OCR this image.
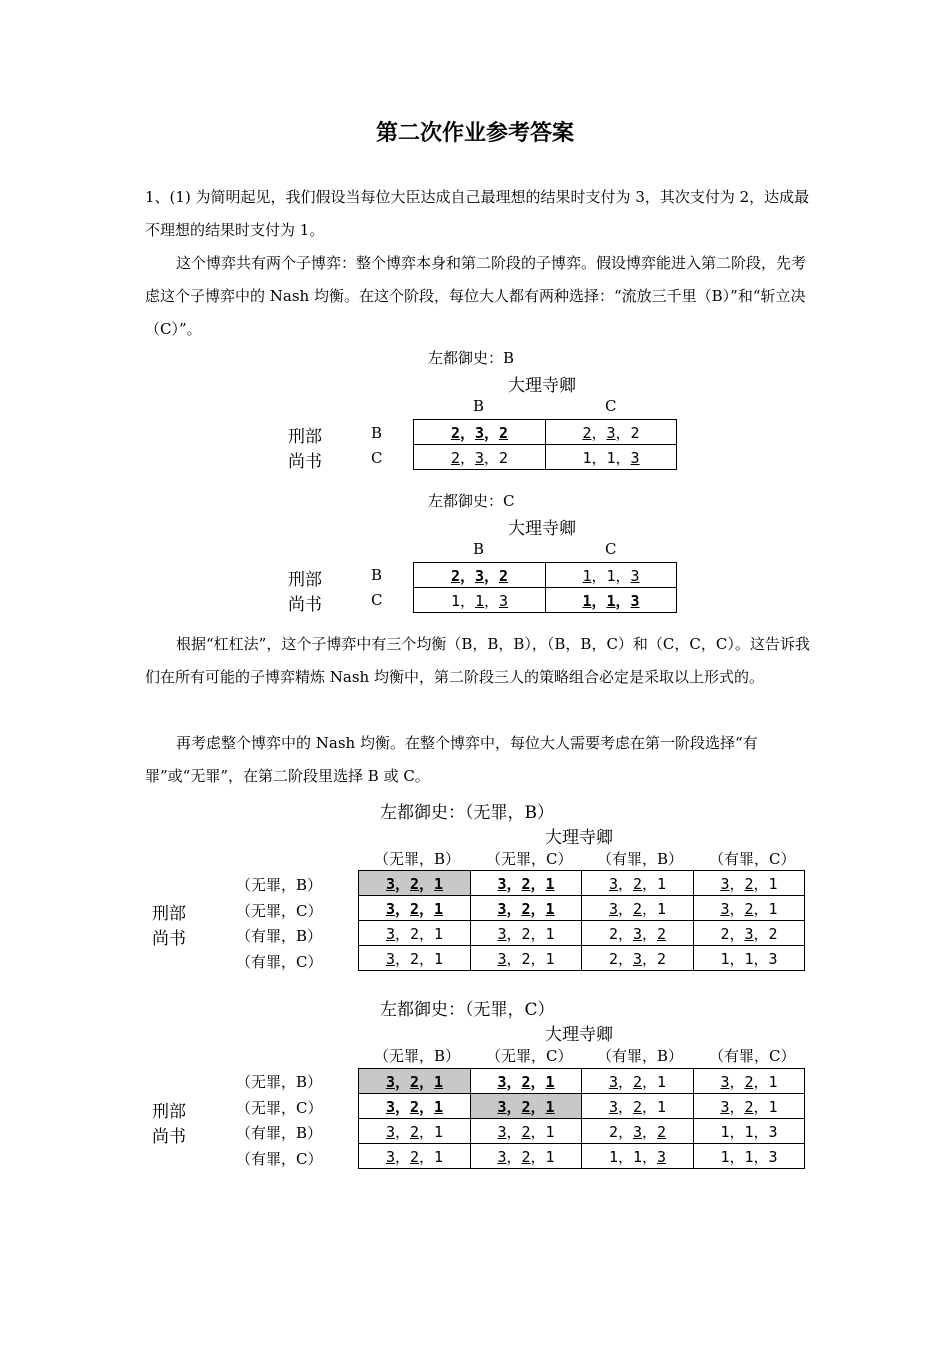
第二次作业参考答案

1、(1) 为简明起见，我们假设当每位大臣达成自己最理想的结果时支付为 3，其次支付为 2，达成最不理想的结果时支付为 1。

这个博弈共有两个子博弈：整个博弈本身和第二阶段的子博弈。假设博弈能进入第二阶段，先考虑这个子博弈中的 Nash 均衡。在这个阶段，每位大人都有两种选择：“流放三千里（B）”和“斩立决（C）”。

左都御史：B
大理寺卿
B	C
刑部
尚书
B
C
2，3，2	2，3，2
2，3，2	1，1，3
左都御史：C
大理寺卿
B	C
刑部
尚书
B
C
2，3，2	1，1，3
1，1，3	1，1，3

根据“杠杠法”，这个子博弈中有三个均衡（B，B，B），（B，B，C）和（C，C，C）。这告诉我们在所有可能的子博弈精炼 Nash 均衡中，第二阶段三人的策略组合必定是采取以上形式的。

再考虑整个博弈中的 Nash 均衡。在整个博弈中，每位大人需要考虑在第一阶段选择“有罪”或“无罪”，在第二阶段里选择 B 或 C。

左都御史：（无罪，B）
大理寺卿
（无罪，B） （无罪，C） （有罪，B） （有罪，C）
刑部
尚书
（无罪，B）
（无罪，C）
（有罪，B）
（有罪，C）
3，2，1	3，2，1	3，2，1	3，2，1
3，2，1	3，2，1	3，2，1	3，2，1
3，2，1	3，2，1	2，3，2	2，3，2
3，2，1	3，2，1	2，3，2	1，1，3
左都御史：（无罪，C）
大理寺卿
（无罪，B） （无罪，C） （有罪，B） （有罪，C）
刑部
尚书
（无罪，B）
（无罪，C）
（有罪，B）
（有罪，C）
3，2，1	3，2，1	3，2，1	3，2，1
3，2，1	3，2，1	3，2，1	3，2，1
3，2，1	3，2，1	2，3，2	1，1，3
3，2，1	3，2，1	1，1，3	1，1，3
